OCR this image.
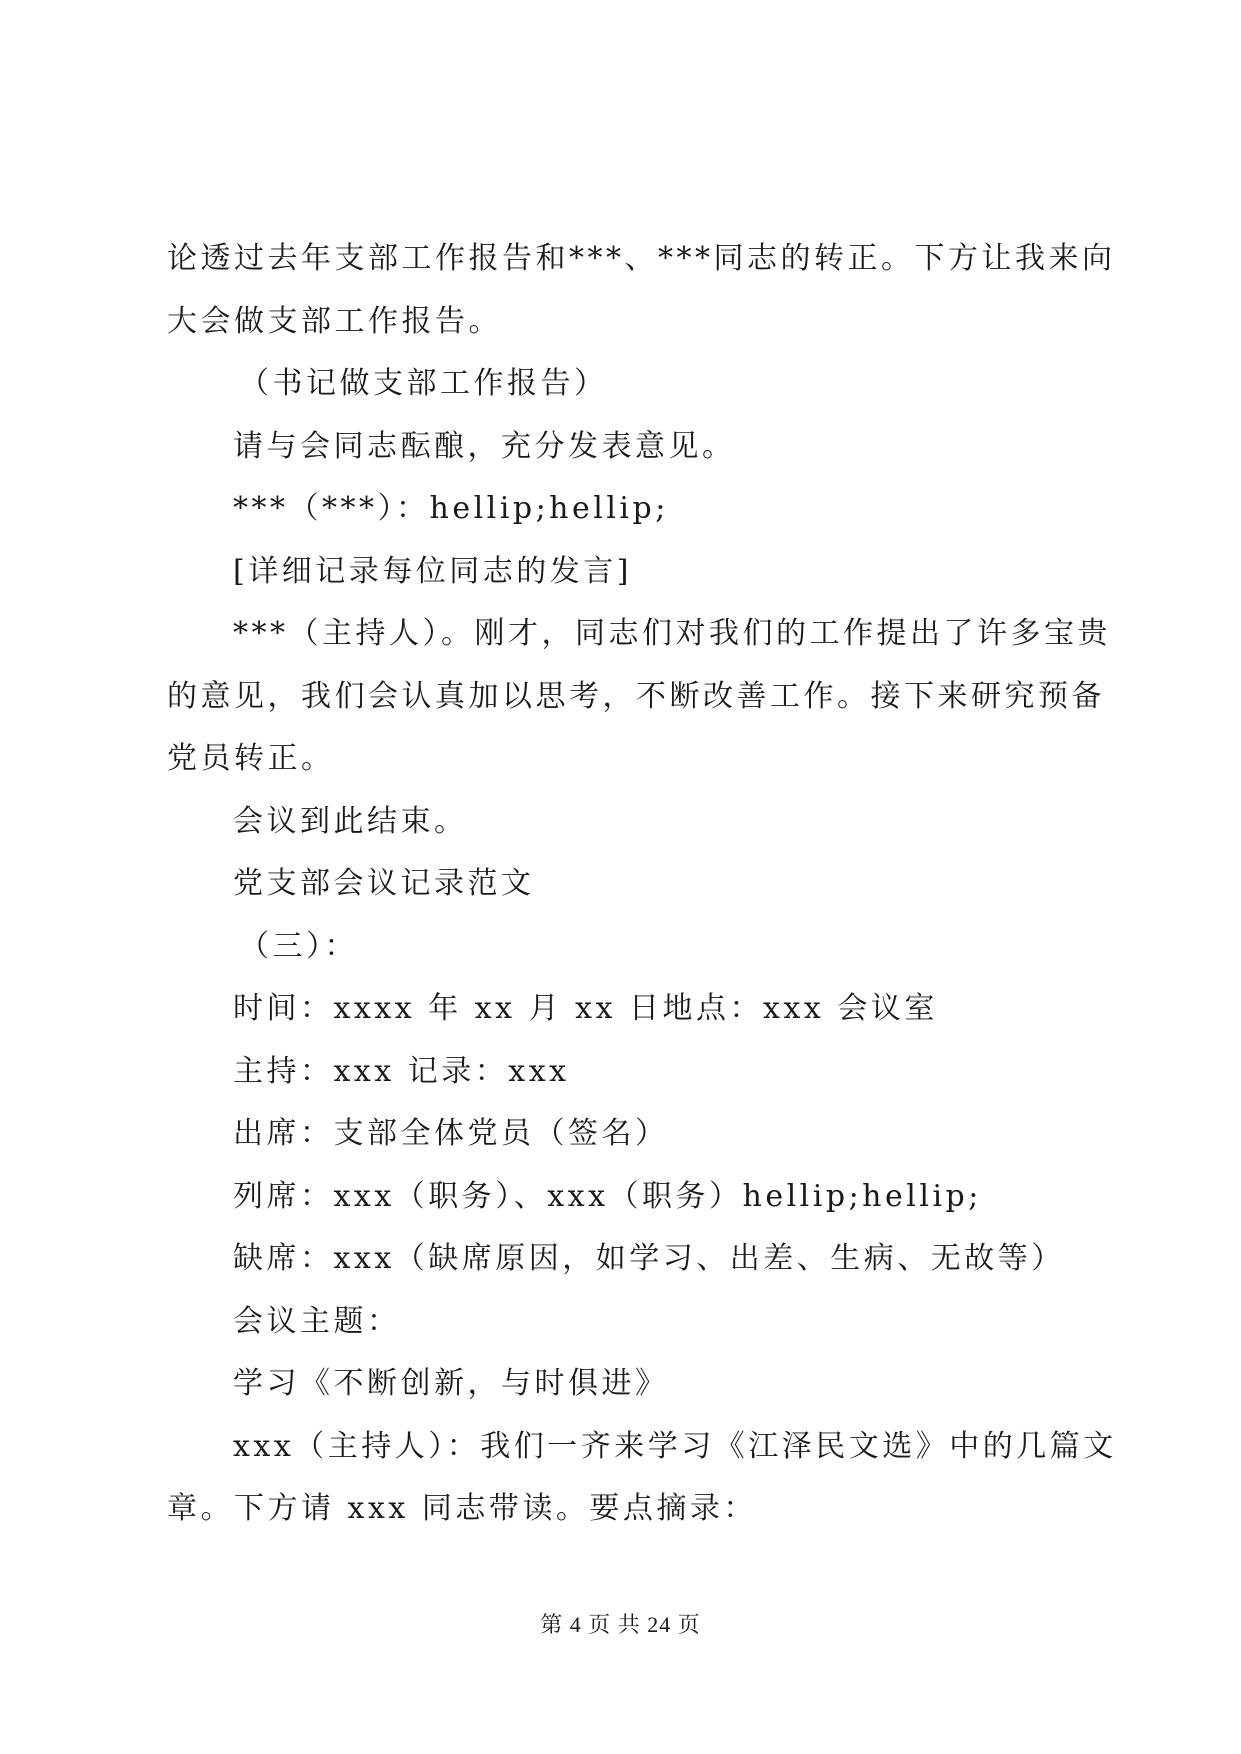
论透过去年支部工作报告和***、***同志的转正。下方让我来向
大会做支部工作报告。
（书记做支部工作报告）
请与会同志酝酿，充分发表意见。
***（***）：hellip;hellip;
[详细记录每位同志的发言]
***（主持人）。刚才，同志们对我们的工作提出了许多宝贵
的意见，我们会认真加以思考，不断改善工作。接下来研究预备
党员转正。
会议到此结束。
党支部会议记录范文
（三）：
时间：xxxx 年 xx 月 xx 日地点：xxx 会议室
主持：xxx 记录：xxx
出席：支部全体党员（签名）
列席：xxx（职务）、xxx（职务）hellip;hellip;
缺席：xxx（缺席原因，如学习、出差、生病、无故等）
会议主题：
学习《不断创新，与时俱进》
xxx（主持人）：我们一齐来学习《江泽民文选》中的几篇文
章。下方请 xxx 同志带读。要点摘录：
第 4 页 共 24 页
